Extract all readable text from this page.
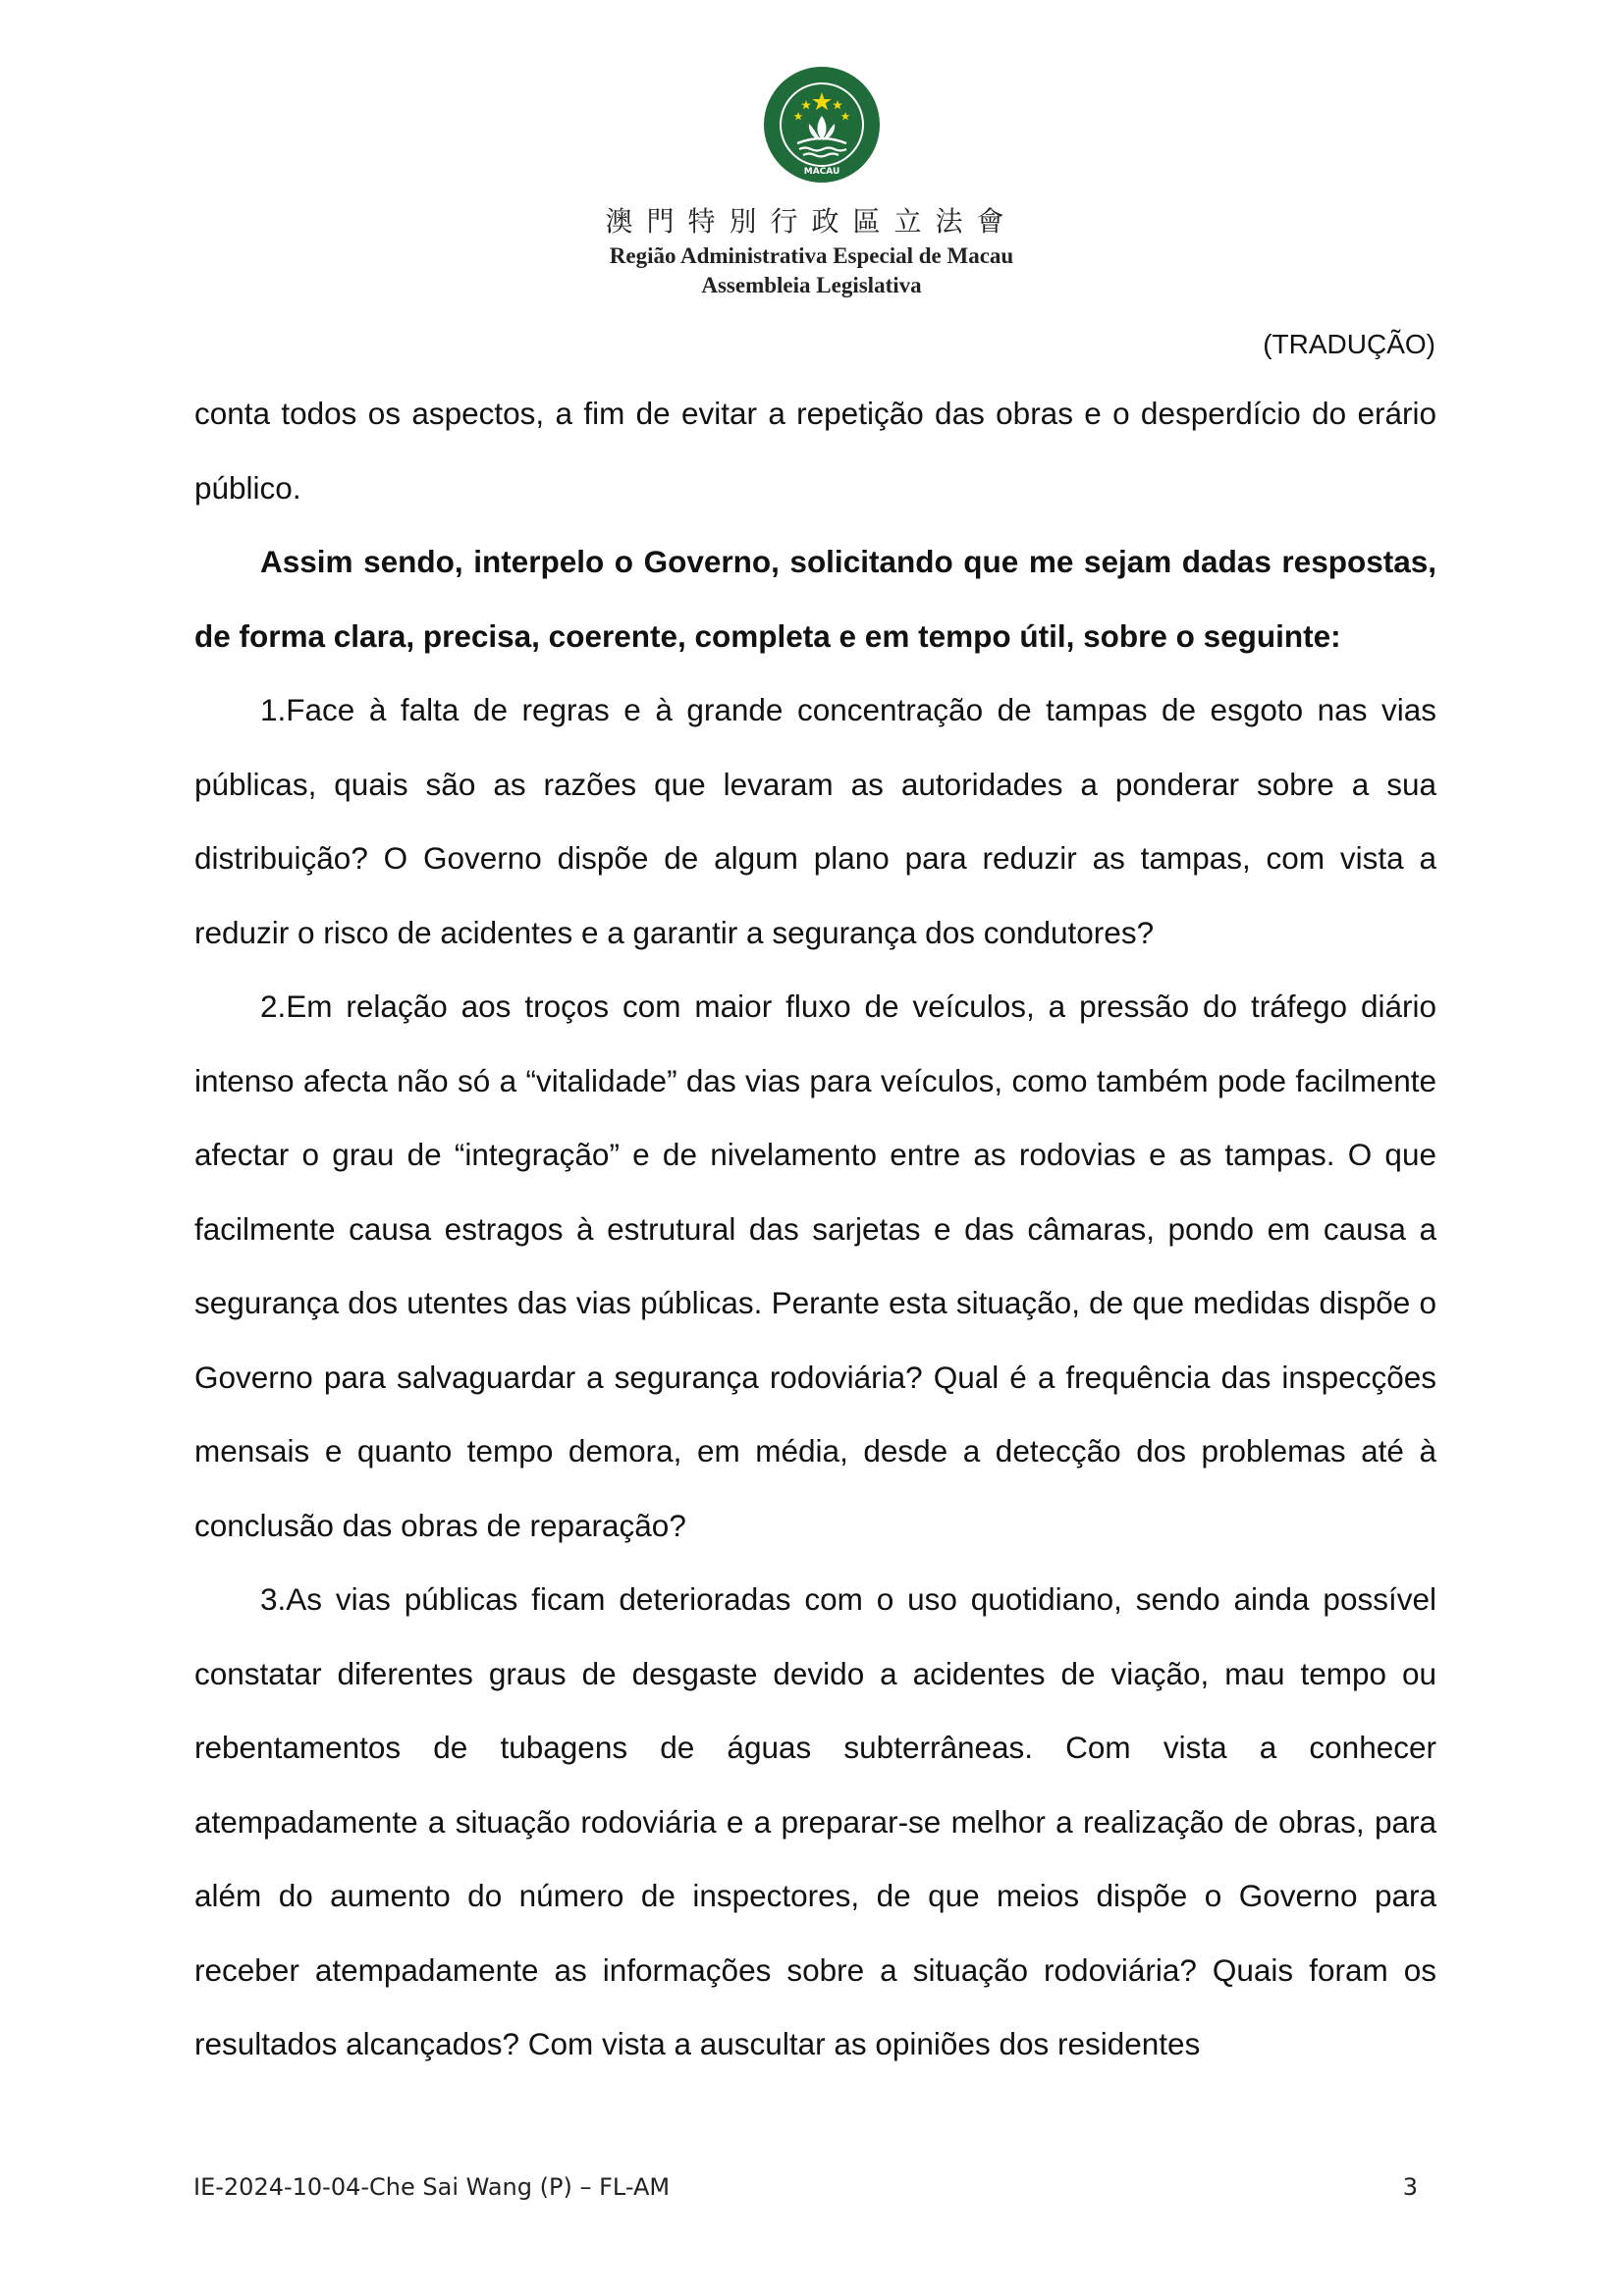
MACAU
澳門特別行政區立法會
Região Administrativa Especial de Macau
Assembleia Legislativa
(TRADUÇÃO)

conta todos os aspectos, a fim de evitar a repetição das obras e o desperdício do erário público.

Assim sendo, interpelo o Governo, solicitando que me sejam dadas respostas, de forma clara, precisa, coerente, completa e em tempo útil, sobre o seguinte:

1.Face à falta de regras e à grande concentração de tampas de esgoto nas vias públicas, quais são as razões que levaram as autoridades a ponderar sobre a sua distribuição? O Governo dispõe de algum plano para reduzir as tampas, com vista a reduzir o risco de acidentes e a garantir a segurança dos condutores?

2.Em relação aos troços com maior fluxo de veículos, a pressão do tráfego diário intenso afecta não só a “vitalidade” das vias para veículos, como também pode facilmente afectar o grau de “integração” e de nivelamento entre as rodovias e as tampas. O que facilmente causa estragos à estrutural das sarjetas e das câmaras, pondo em causa a segurança dos utentes das vias públicas. Perante esta situação, de que medidas dispõe o Governo para salvaguardar a segurança rodoviária? Qual é a frequência das inspecções mensais e quanto tempo demora, em média, desde a detecção dos problemas até à conclusão das obras de reparação?

3.As vias públicas ficam deterioradas com o uso quotidiano, sendo ainda possível constatar diferentes graus de desgaste devido a acidentes de viação, mau tempo ou rebentamentos de tubagens de águas subterrâneas. Com vista a conhecer atempadamente a situação rodoviária e a preparar-se melhor a realização de obras, para além do aumento do número de inspectores, de que meios dispõe o Governo para receber atempadamente as informações sobre a situação rodoviária? Quais foram os resultados alcançados? Com vista a auscultar as opiniões dos residentes

IE-2024-10-04-Che Sai Wang (P) – FL-AM	3
